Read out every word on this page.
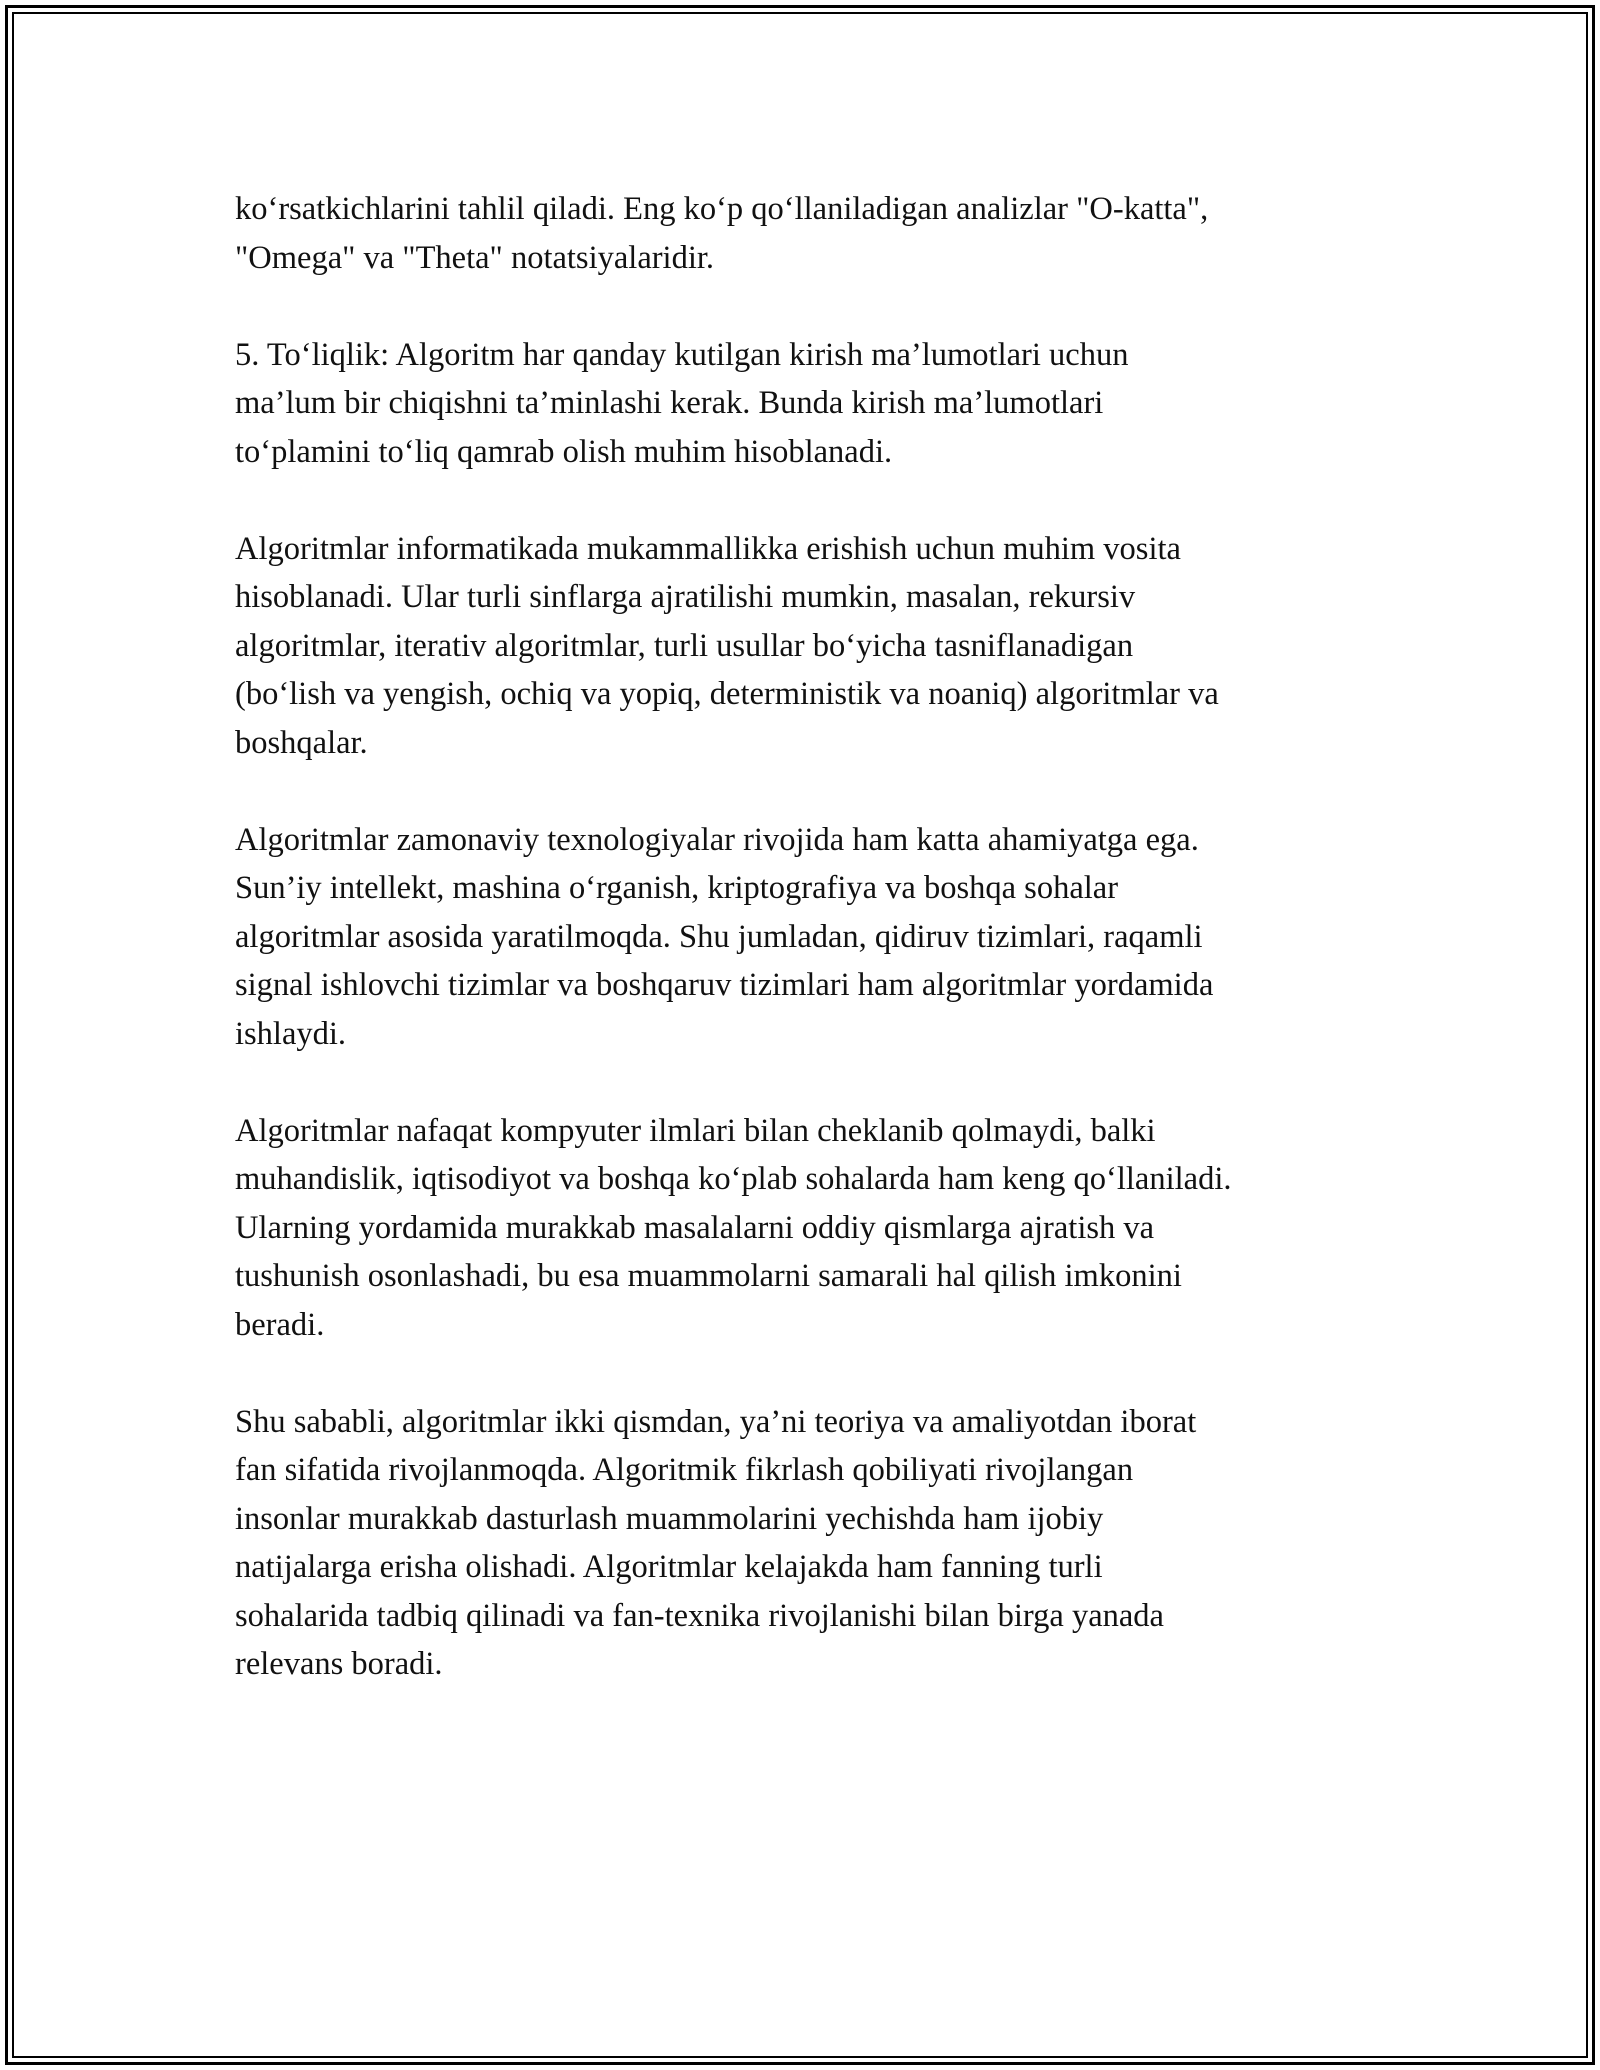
ko‘rsatkichlarini tahlil qiladi. Eng ko‘p qo‘llaniladigan analizlar "O-katta",
"Omega" va "Theta" notatsiyalaridir.

5. To‘liqlik: Algoritm har qanday kutilgan kirish ma’lumotlari uchun
ma’lum bir chiqishni ta’minlashi kerak. Bunda kirish ma’lumotlari
to‘plamini to‘liq qamrab olish muhim hisoblanadi.

Algoritmlar informatikada mukammallikka erishish uchun muhim vosita
hisoblanadi. Ular turli sinflarga ajratilishi mumkin, masalan, rekursiv
algoritmlar, iterativ algoritmlar, turli usullar bo‘yicha tasniflanadigan
(bo‘lish va yengish, ochiq va yopiq, deterministik va noaniq) algoritmlar va
boshqalar.

Algoritmlar zamonaviy texnologiyalar rivojida ham katta ahamiyatga ega.
Sun’iy intellekt, mashina o‘rganish, kriptografiya va boshqa sohalar
algoritmlar asosida yaratilmoqda. Shu jumladan, qidiruv tizimlari, raqamli
signal ishlovchi tizimlar va boshqaruv tizimlari ham algoritmlar yordamida
ishlaydi.

Algoritmlar nafaqat kompyuter ilmlari bilan cheklanib qolmaydi, balki
muhandislik, iqtisodiyot va boshqa ko‘plab sohalarda ham keng qo‘llaniladi.
Ularning yordamida murakkab masalalarni oddiy qismlarga ajratish va
tushunish osonlashadi, bu esa muammolarni samarali hal qilish imkonini
beradi.

Shu sababli, algoritmlar ikki qismdan, ya’ni teoriya va amaliyotdan iborat
fan sifatida rivojlanmoqda. Algoritmik fikrlash qobiliyati rivojlangan
insonlar murakkab dasturlash muammolarini yechishda ham ijobiy
natijalarga erisha olishadi. Algoritmlar kelajakda ham fanning turli
sohalarida tadbiq qilinadi va fan-texnika rivojlanishi bilan birga yanada
relevans boradi.
